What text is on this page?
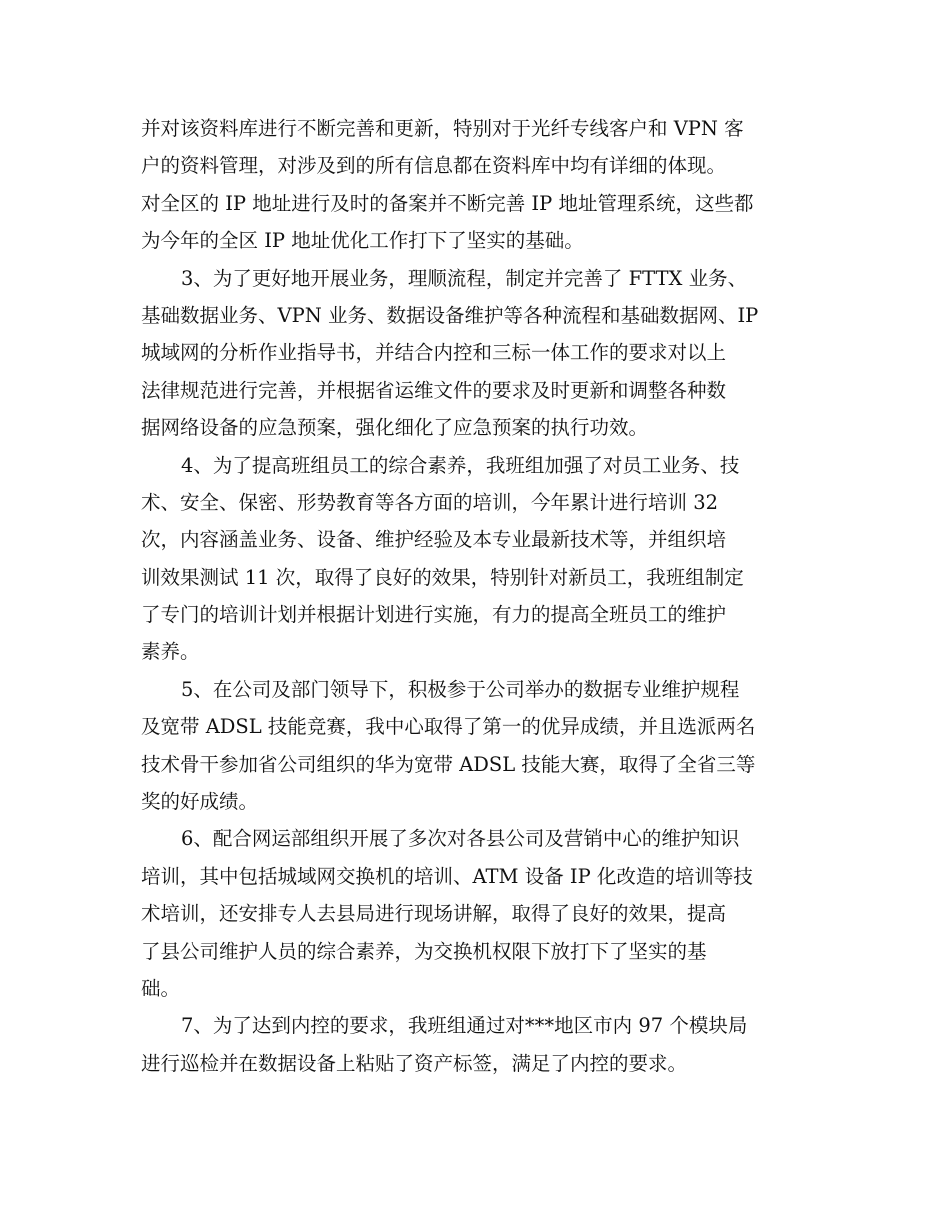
并对该资料库进行不断完善和更新，特别对于光纤专线客户和 VPN 客
户的资料管理，对涉及到的所有信息都在资料库中均有详细的体现。
对全区的 IP 地址进行及时的备案并不断完善 IP 地址管理系统，这些都
为今年的全区 IP 地址优化工作打下了坚实的基础。
3、为了更好地开展业务，理顺流程，制定并完善了 FTTX 业务、
基础数据业务、VPN 业务、数据设备维护等各种流程和基础数据网、IP
城域网的分析作业指导书，并结合内控和三标一体工作的要求对以上
法律规范进行完善，并根据省运维文件的要求及时更新和调整各种数
据网络设备的应急预案，强化细化了应急预案的执行功效。
4、为了提高班组员工的综合素养，我班组加强了对员工业务、技
术、安全、保密、形势教育等各方面的培训，今年累计进行培训 32
次，内容涵盖业务、设备、维护经验及本专业最新技术等，并组织培
训效果测试 11 次，取得了良好的效果，特别针对新员工，我班组制定
了专门的培训计划并根据计划进行实施，有力的提高全班员工的维护
素养。
5、在公司及部门领导下，积极参于公司举办的数据专业维护规程
及宽带 ADSL 技能竞赛，我中心取得了第一的优异成绩，并且选派两名
技术骨干参加省公司组织的华为宽带 ADSL 技能大赛，取得了全省三等
奖的好成绩。
6、配合网运部组织开展了多次对各县公司及营销中心的维护知识
培训，其中包括城域网交换机的培训、ATM 设备 IP 化改造的培训等技
术培训，还安排专人去县局进行现场讲解，取得了良好的效果，提高
了县公司维护人员的综合素养，为交换机权限下放打下了坚实的基
础。
7、为了达到内控的要求，我班组通过对***地区市内 97 个模块局
进行巡检并在数据设备上粘贴了资产标签，满足了内控的要求。
